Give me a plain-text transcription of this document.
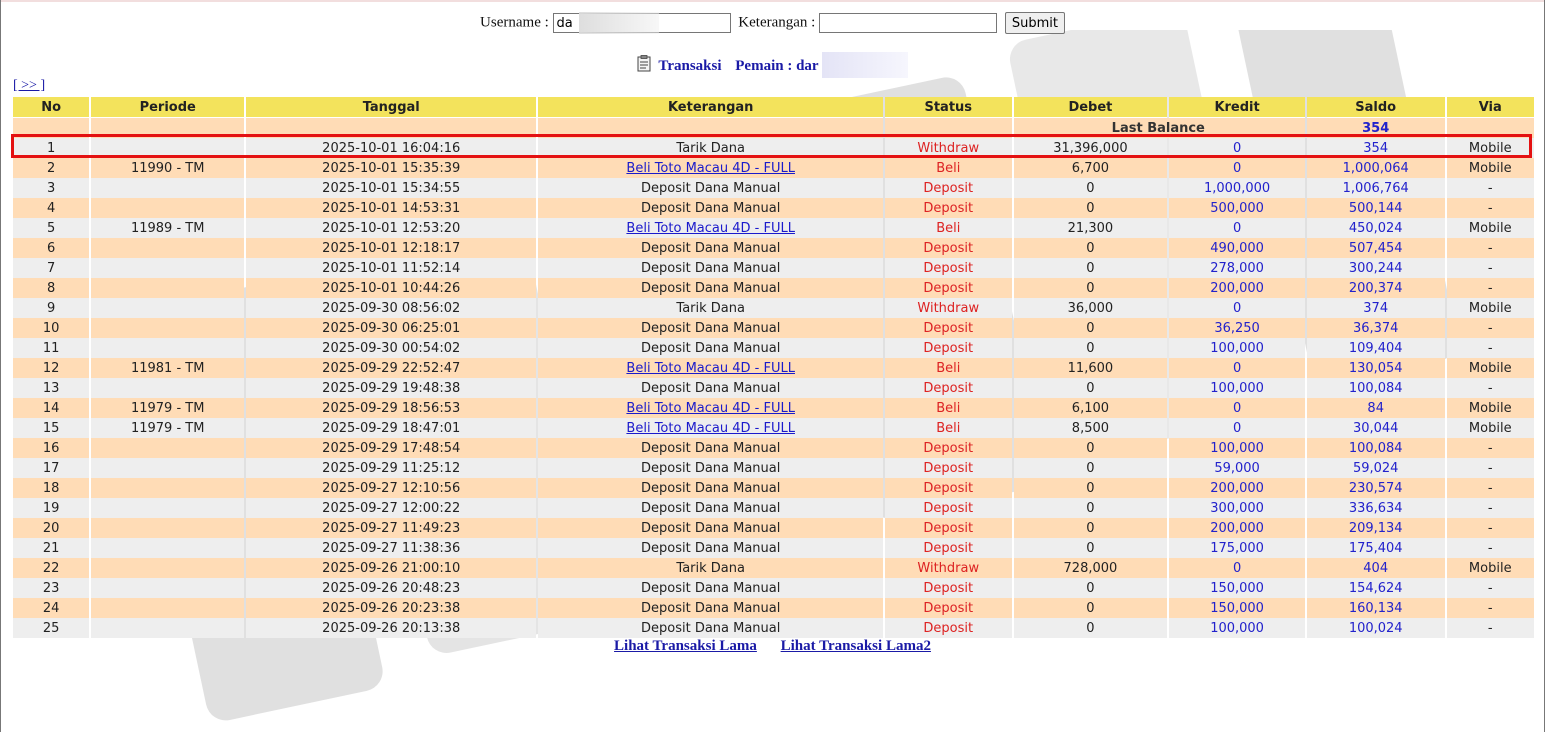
Username : da	Keterangan :	Submit
Transaksi Pemain : dar
[ >> ]
No	Periode	Tanggal	Keterangan	Status	Debet	Kredit	Saldo	Via
					Last Balance		354	
1		2025-10-01 16:04:16	Tarik Dana	Withdraw	31,396,000	0	354	Mobile
2	11990 - TM	2025-10-01 15:35:39	Beli Toto Macau 4D - FULL	Beli	6,700	0	1,000,064	Mobile
3		2025-10-01 15:34:55	Deposit Dana Manual	Deposit	0	1,000,000	1,006,764	-
4		2025-10-01 14:53:31	Deposit Dana Manual	Deposit	0	500,000	500,144	-
5	11989 - TM	2025-10-01 12:53:20	Beli Toto Macau 4D - FULL	Beli	21,300	0	450,024	Mobile
6		2025-10-01 12:18:17	Deposit Dana Manual	Deposit	0	490,000	507,454	-
7		2025-10-01 11:52:14	Deposit Dana Manual	Deposit	0	278,000	300,244	-
8		2025-10-01 10:44:26	Deposit Dana Manual	Deposit	0	200,000	200,374	-
9		2025-09-30 08:56:02	Tarik Dana	Withdraw	36,000	0	374	Mobile
10		2025-09-30 06:25:01	Deposit Dana Manual	Deposit	0	36,250	36,374	-
11		2025-09-30 00:54:02	Deposit Dana Manual	Deposit	0	100,000	109,404	-
12	11981 - TM	2025-09-29 22:52:47	Beli Toto Macau 4D - FULL	Beli	11,600	0	130,054	Mobile
13		2025-09-29 19:48:38	Deposit Dana Manual	Deposit	0	100,000	100,084	-
14	11979 - TM	2025-09-29 18:56:53	Beli Toto Macau 4D - FULL	Beli	6,100	0	84	Mobile
15	11979 - TM	2025-09-29 18:47:01	Beli Toto Macau 4D - FULL	Beli	8,500	0	30,044	Mobile
16		2025-09-29 17:48:54	Deposit Dana Manual	Deposit	0	100,000	100,084	-
17		2025-09-29 11:25:12	Deposit Dana Manual	Deposit	0	59,000	59,024	-
18		2025-09-27 12:10:56	Deposit Dana Manual	Deposit	0	200,000	230,574	-
19		2025-09-27 12:00:22	Deposit Dana Manual	Deposit	0	300,000	336,634	-
20		2025-09-27 11:49:23	Deposit Dana Manual	Deposit	0	200,000	209,134	-
21		2025-09-27 11:38:36	Deposit Dana Manual	Deposit	0	175,000	175,404	-
22		2025-09-26 21:00:10	Tarik Dana	Withdraw	728,000	0	404	Mobile
23		2025-09-26 20:48:23	Deposit Dana Manual	Deposit	0	150,000	154,624	-
24		2025-09-26 20:23:38	Deposit Dana Manual	Deposit	0	150,000	160,134	-
25		2025-09-26 20:13:38	Deposit Dana Manual	Deposit	0	100,000	100,024	-
Lihat Transaksi Lama Lihat Transaksi Lama2
